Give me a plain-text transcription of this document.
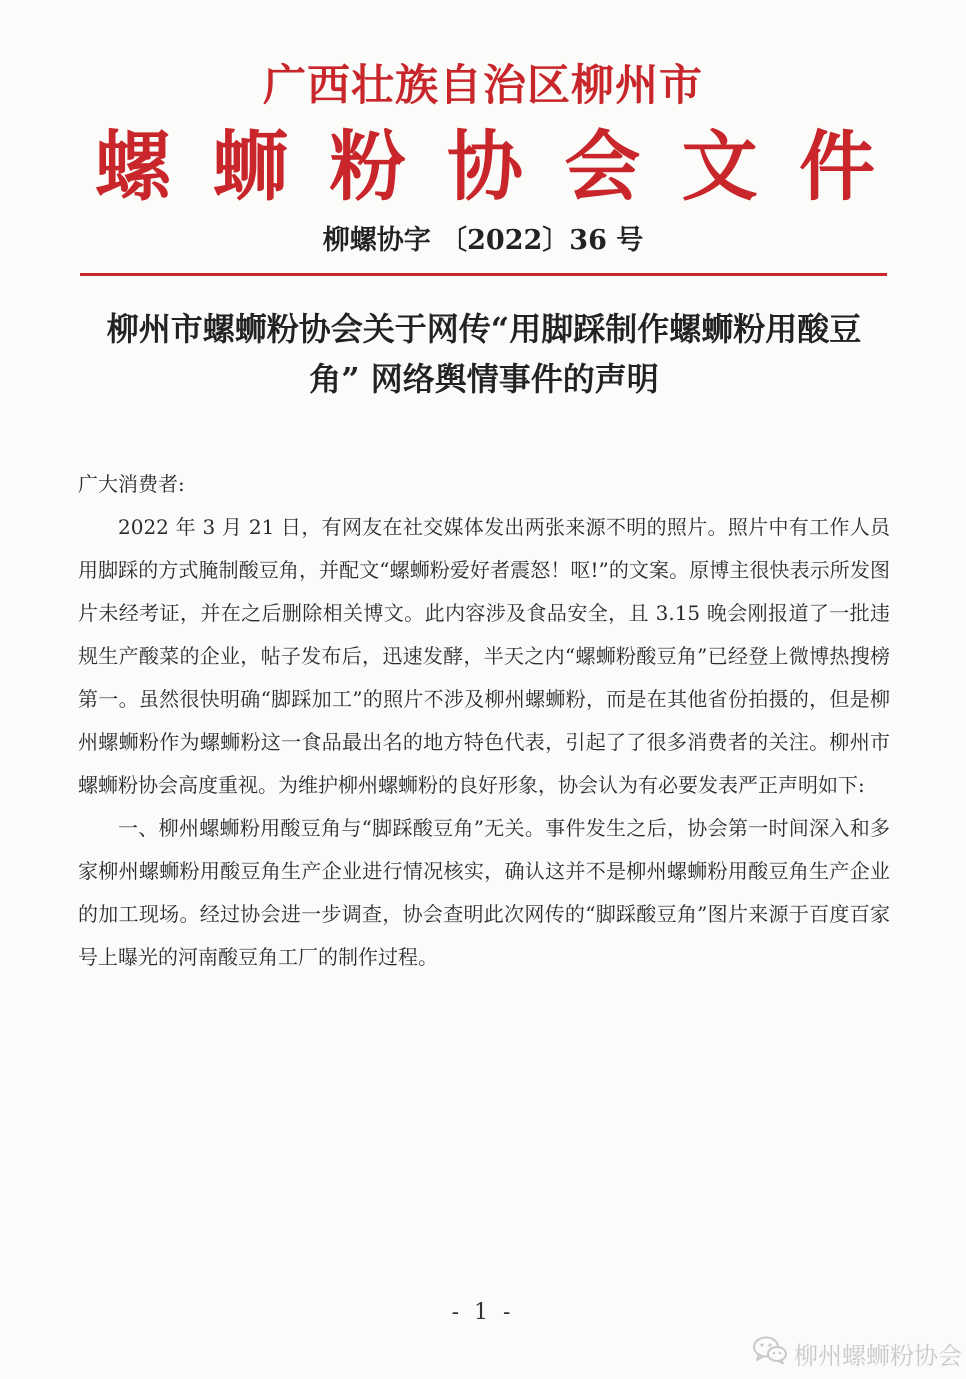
广西壮族自治区柳州市
螺 蛳 粉 协 会 文 件
柳螺协字 〔2022〕36 号
柳州市螺蛳粉协会关于网传“用脚踩制作螺蛳粉用酸豆
角” 网络舆情事件的声明

广大消费者:

2022 年 3 月 21 日，有网友在社交媒体发出两张来源不明的照片。照片中有工作人员用脚踩的方式腌制酸豆角，并配文“螺蛳粉爱好者震怒！呕!”的文案。原博主很快表示所发图片未经考证，并在之后删除相关博文。此内容涉及食品安全，且 3.15 晚会刚报道了一批违规生产酸菜的企业，帖子发布后，迅速发酵，半天之内“螺蛳粉酸豆角”已经登上微博热搜榜第一。虽然很快明确“脚踩加工”的照片不涉及柳州螺蛳粉，而是在其他省份拍摄的，但是柳州螺蛳粉作为螺蛳粉这一食品最出名的地方特色代表，引起了了很多消费者的关注。柳州市螺蛳粉协会高度重视。为维护柳州螺蛳粉的良好形象，协会认为有必要发表严正声明如下:

一、柳州螺蛳粉用酸豆角与“脚踩酸豆角”无关。事件发生之后，协会第一时间深入和多家柳州螺蛳粉用酸豆角生产企业进行情况核实，确认这并不是柳州螺蛳粉用酸豆角生产企业的加工现场。经过协会进一步调查，协会查明此次网传的“脚踩酸豆角”图片来源于百度百家号上曝光的河南酸豆角工厂的制作过程。

- 1 -
柳州螺蛳粉协会
